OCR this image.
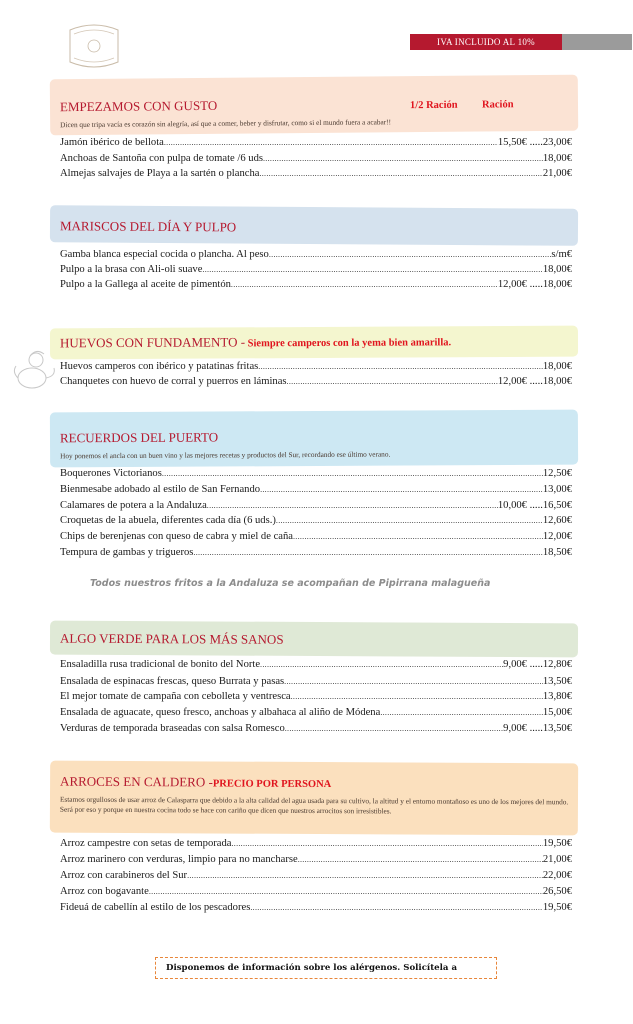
IVA INCLUIDO AL 10%
EMPEZAMOS CON GUSTO	1/2 Ración Ración
Dicen que tripa vacía es corazón sin alegría, así que a comer, beber y disfrutar, como si el mundo fuera a acabar!!
Jamón ibérico de bellota .....	15,50€ .....23,00€
Anchoas de Santoña con pulpa de tomate /6 uds .....	18,00€
Almejas salvajes de Playa a la sartén o plancha .....	21,00€
MARISCOS DEL DÍA Y PULPO
Gamba blanca especial cocida o plancha. Al peso .....	s/m€
Pulpo a la brasa con Ali-oli suave .....	18,00€
Pulpo a la Gallega al aceite de pimentón .....	12,00€ .....18,00€
HUEVOS CON FUNDAMENTO - Siempre camperos con la yema bien amarilla.
Huevos camperos con ibérico y patatinas fritas .....	18,00€
Chanquetes con huevo de corral y puerros en láminas .....	12,00€ .....18,00€
RECUERDOS DEL PUERTO
Hoy ponemos el ancla con un buen vino y las mejores recetas y productos del Sur, recordando ese último verano.
Boquerones Victorianos .....	12,50€
Bienmesabe adobado al estilo de San Fernando .....	13,00€
Calamares de potera a la Andaluza .....	10,00€ .....16,50€
Croquetas de la abuela, diferentes cada día (6 uds.) .....	12,60€
Chips de berenjenas con queso de cabra y miel de caña .....	12,00€
Tempura de gambas y trigueros .....	18,50€
Todos nuestros fritos a la Andaluza se acompañan de Pipirrana malagueña
ALGO VERDE PARA LOS MÁS SANOS
Ensaladilla rusa tradicional de bonito del Norte .....	9,00€ .....12,80€
Ensalada de espinacas frescas, queso Burrata y pasas .....	13,50€
El mejor tomate de campaña con cebolleta y ventresca .....	13,80€
Ensalada de aguacate, queso fresco, anchoas y albahaca al aliño de Módena .....	15,00€
Verduras de temporada braseadas con salsa Romesco .....	9,00€ .....13,50€
ARROCES EN CALDERO -PRECIO POR PERSONA
Estamos orgullosos de usar arroz de Calasparra que debido a la alta calidad del agua usada para su cultivo, la altitud y el entorno montañoso es uno de los mejores del mundo. Será por eso y porque en nuestra cocina todo se hace con cariño que dicen que nuestros arrocitos son irresistibles.
Arroz campestre con setas de temporada .....	19,50€
Arroz marinero con verduras, limpio para no mancharse .....	21,00€
Arroz con carabineros del Sur .....	22,00€
Arroz con bogavante .....	26,50€
Fideuá de cabellín al estilo de los pescadores .....	19,50€
Disponemos de información sobre los alérgenos. Solicítela a
